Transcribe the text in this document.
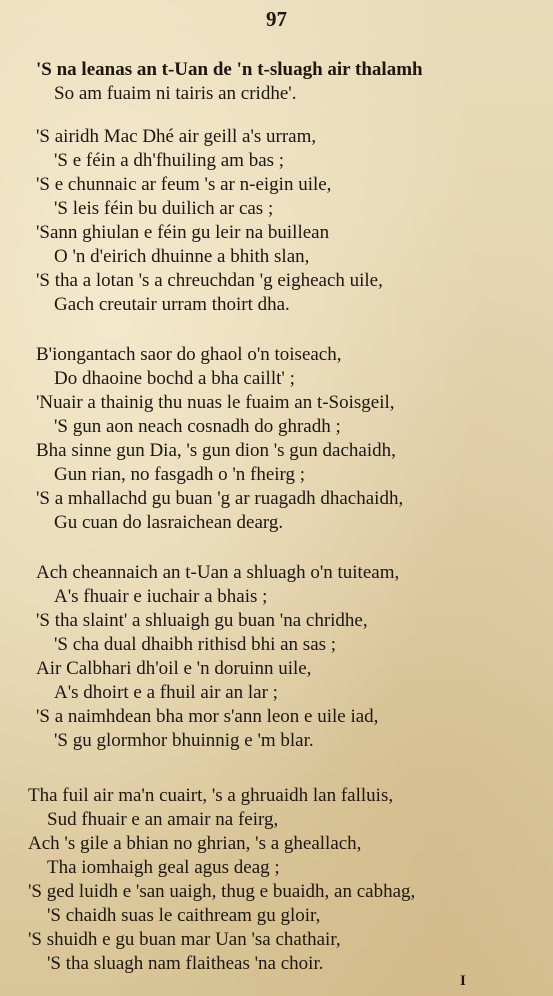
97
'S na leanas an t-Uan de 'n t-sluagh air thalamh
So am fuaim ni tairis an cridhe'.
'S airidh Mac Dhé air geill a's urram,
'S e féin a dh'fhuiling am bas ;
'S e chunnaic ar feum 's ar n-eigin uile,
'S leis féin bu duilich ar cas ;
'Sann ghiulan e féin gu leir na buillean
O 'n d'eirich dhuinne a bhith slan,
'S tha a lotan 's a chreuchdan 'g eigheach uile,
Gach creutair urram thoirt dha.
B'iongantach saor do ghaol o'n toiseach,
Do dhaoine bochd a bha caillt' ;
'Nuair a thainig thu nuas le fuaim an t-Soisgeil,
'S gun aon neach cosnadh do ghradh ;
Bha sinne gun Dia, 's gun dion 's gun dachaidh,
Gun rian, no fasgadh o 'n fheirg ;
'S a mhallachd gu buan 'g ar ruagadh dhachaidh,
Gu cuan do lasraichean dearg.
Ach cheannaich an t-Uan a shluagh o'n tuiteam,
A's fhuair e iuchair a bhais ;
'S tha slaint' a shluaigh gu buan 'na chridhe,
'S cha dual dhaibh rithisd bhi an sas ;
Air Calbhari dh'oil e 'n doruinn uile,
A's dhoirt e a fhuil air an lar ;
'S a naimhdean bha mor s'ann leon e uile iad,
'S gu glormhor bhuinnig e 'm blar.
Tha fuil air ma'n cuairt, 's a ghruaidh lan falluis,
Sud fhuair e an amair na feirg,
Ach 's gile a bhian no ghrian, 's a gheallach,
Tha iomhaigh geal agus deag ;
'S ged luidh e 'san uaigh, thug e buaidh, an cabhag,
'S chaidh suas le caithream gu gloir,
'S shuidh e gu buan mar Uan 'sa chathair,
'S tha sluagh nam flaitheas 'na choir.
I
